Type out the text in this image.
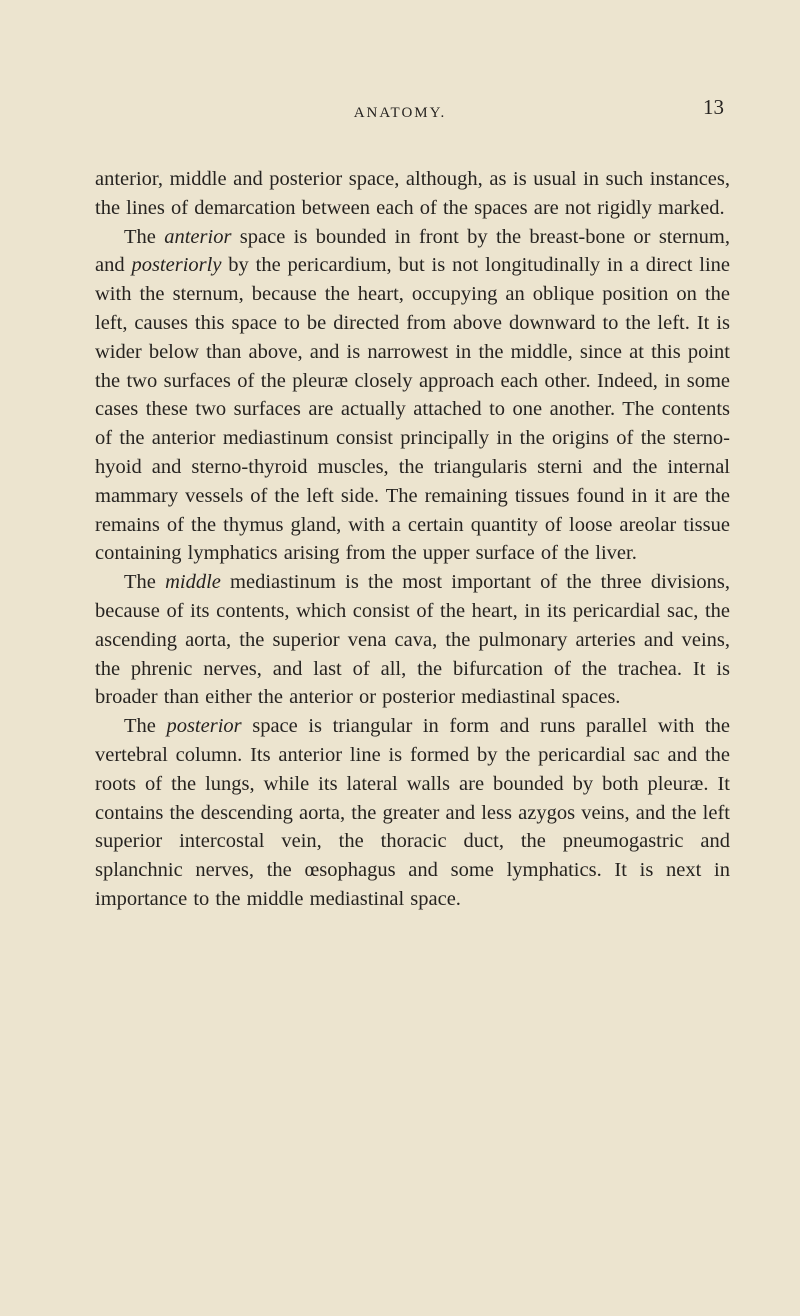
ANATOMY.	13

anterior, middle and posterior space, although, as is usual in such instances, the lines of demarcation between each of the spaces are not rigidly marked.

The anterior space is bounded in front by the breast-bone or sternum, and posteriorly by the pericardium, but is not longitudinally in a direct line with the sternum, because the heart, occupying an oblique position on the left, causes this space to be directed from above downward to the left. It is wider below than above, and is narrowest in the middle, since at this point the two surfaces of the pleuræ closely approach each other. Indeed, in some cases these two surfaces are actually attached to one another. The contents of the anterior mediastinum consist principally in the origins of the sterno-hyoid and sterno-thyroid muscles, the triangularis sterni and the internal mammary vessels of the left side. The remaining tissues found in it are the remains of the thymus gland, with a certain quantity of loose areolar tissue containing lymphatics arising from the upper surface of the liver.

The middle mediastinum is the most important of the three divisions, because of its contents, which consist of the heart, in its pericardial sac, the ascending aorta, the superior vena cava, the pulmonary arteries and veins, the phrenic nerves, and last of all, the bifurcation of the trachea. It is broader than either the anterior or posterior mediastinal spaces.

The posterior space is triangular in form and runs parallel with the vertebral column. Its anterior line is formed by the pericardial sac and the roots of the lungs, while its lateral walls are bounded by both pleuræ. It contains the descending aorta, the greater and less azygos veins, and the left superior intercostal vein, the thoracic duct, the pneumogastric and splanchnic nerves, the œsophagus and some lymphatics. It is next in importance to the middle mediastinal space.
